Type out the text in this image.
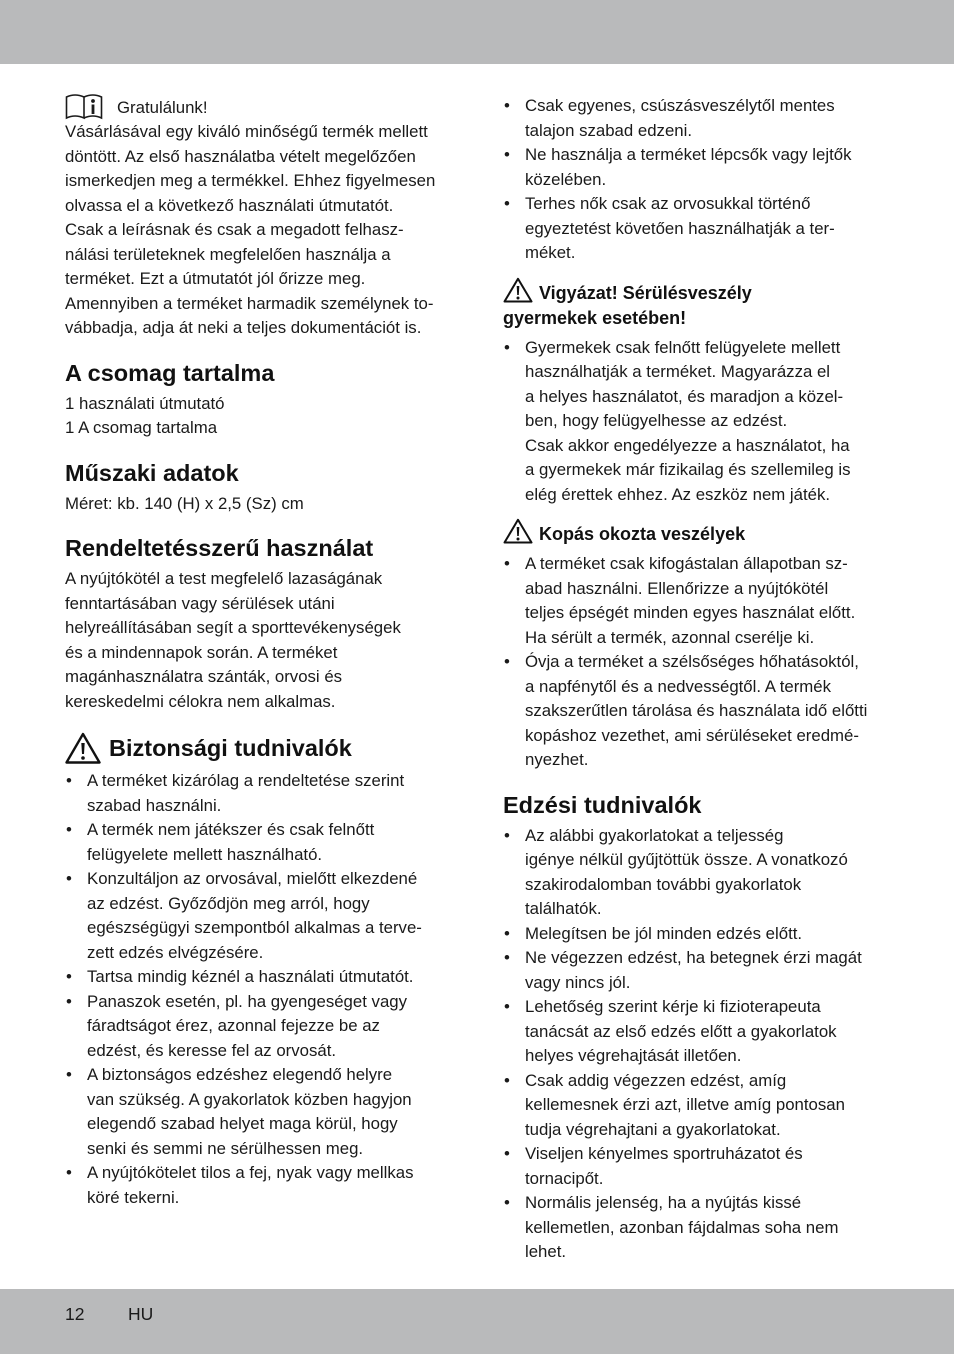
Gratulálunk!
Vásárlásával egy kiváló minőségű termék mellett
döntött. Az első használatba vételt megelőzően
ismerkedjen meg a termékkel. Ehhez figyelmesen
olvassa el a következő használati útmutatót.
Csak a leírásnak és csak a megadott felhasz-
nálási területeknek megfelelően használja a
terméket. Ezt a útmutatót jól őrizze meg.
Amennyiben a terméket harmadik személynek to-
vábbadja, adja át neki a teljes dokumentációt is.
A csomag tartalma
1 használati útmutató
1 A csomag tartalma
Műszaki adatok
Méret: kb. 140 (H) x 2,5 (Sz) cm
Rendeltetésszerű használat
A nyújtókötél a test megfelelő lazaságának
fenntartásában vagy sérülések utáni
helyreállításában segít a sporttevékenységek
és a mindennapok során. A terméket
magánhasználatra szánták, orvosi és
kereskedelmi célokra nem alkalmas.
Biztonsági tudnivalók
• A terméket kizárólag a rendeltetése szerint
szabad használni.
• A termék nem játékszer és csak felnőtt
felügyelete mellett használható.
• Konzultáljon az orvosával, mielőtt elkezdené
az edzést. Győződjön meg arról, hogy
egészségügyi szempontból alkalmas a terve-
zett edzés elvégzésére.
• Tartsa mindig kéznél a használati útmutatót.
• Panaszok esetén, pl. ha gyengeséget vagy
fáradtságot érez, azonnal fejezze be az
edzést, és keresse fel az orvosát.
• A biztonságos edzéshez elegendő helyre
van szükség. A gyakorlatok közben hagyjon
elegendő szabad helyet maga körül, hogy
senki és semmi ne sérülhessen meg.
• A nyújtókötelet tilos a fej, nyak vagy mellkas
köré tekerni.
• Csak egyenes, csúszásveszélytől mentes
talajon szabad edzeni.
• Ne használja a terméket lépcsők vagy lejtők
közelében.
• Terhes nők csak az orvosukkal történő
egyeztetést követően használhatják a ter-
méket.
Vigyázat! Sérülésveszély
gyermekek esetében!
• Gyermekek csak felnőtt felügyelete mellett
használhatják a terméket. Magyarázza el
a helyes használatot, és maradjon a közel-
ben, hogy felügyelhesse az edzést.
Csak akkor engedélyezze a használatot, ha
a gyermekek már fizikailag és szellemileg is
elég érettek ehhez. Az eszköz nem játék.
Kopás okozta veszélyek
• A terméket csak kifogástalan állapotban sz-
abad használni. Ellenőrizze a nyújtókötél
teljes épségét minden egyes használat előtt.
Ha sérült a termék, azonnal cserélje ki.
• Óvja a terméket a szélsőséges hőhatásoktól,
a napfénytől és a nedvességtől. A termék
szakszerűtlen tárolása és használata idő előtti
kopáshoz vezethet, ami sérüléseket eredmé-
nyezhet.
Edzési tudnivalók
• Az alábbi gyakorlatokat a teljesség
igénye nélkül gyűjtöttük össze. A vonatkozó
szakirodalomban további gyakorlatok
találhatók.
• Melegítsen be jól minden edzés előtt.
• Ne végezzen edzést, ha betegnek érzi magát
vagy nincs jól.
• Lehetőség szerint kérje ki fizioterapeuta
tanácsát az első edzés előtt a gyakorlatok
helyes végrehajtását illetően.
• Csak addig végezzen edzést, amíg
kellemesnek érzi azt, illetve amíg pontosan
tudja végrehajtani a gyakorlatokat.
• Viseljen kényelmes sportruházatot és
tornacipőt.
• Normális jelenség, ha a nyújtás kissé
kellemetlen, azonban fájdalmas soha nem
lehet.
12 HU
